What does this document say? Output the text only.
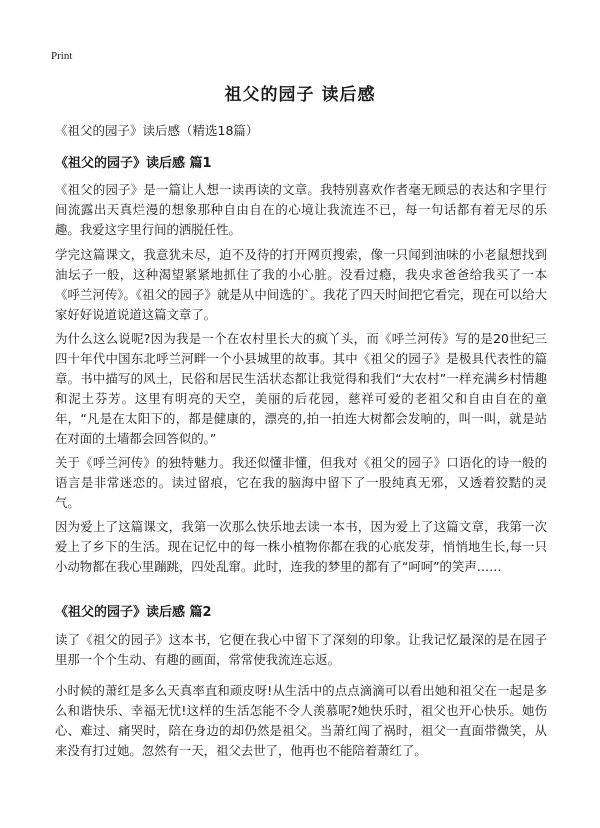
Print
祖父的园子 读后感

《祖父的园子》读后感（精选18篇）

《祖父的园子》读后感 篇1

《祖父的园子》是一篇让人想一读再读的文章。我特别喜欢作者毫无顾忌的表达和字里行间流露出天真烂漫的想象那种自由自在的心境让我流连不已，每一句话都有着无尽的乐趣。我爱这字里行间的洒脱任性。

学完这篇课文，我意犹未尽，迫不及待的打开网页搜索，像一只闻到油味的小老鼠想找到油坛子一般，这种渴望紧紧地抓住了我的小心脏。没看过瘾，我央求爸爸给我买了一本《呼兰河传》。《祖父的园子》就是从中间选的`。我花了四天时间把它看完，现在可以给大家好好说道说道这篇文章了。

为什么这么说呢?因为我是一个在农村里长大的疯丫头，而《呼兰河传》写的是20世纪三四十年代中国东北呼兰河畔一个小县城里的故事。其中《祖父的园子》是极具代表性的篇章。书中描写的风土，民俗和居民生活状态都让我觉得和我们“大农村”一样充满乡村情趣和泥土芬芳。这里有明亮的天空，美丽的后花园，慈祥可爱的老祖父和自由自在的童年，“凡是在太阳下的，都是健康的，漂亮的,拍一拍连大树都会发响的，叫一叫，就是站在对面的土墙都会回答似的。”

关于《呼兰河传》的独特魅力。我还似懂非懂，但我对《祖父的园子》口语化的诗一般的语言是非常迷恋的。读过留痕，它在我的脑海中留下了一股纯真无邪，又透着狡黠的灵气。

因为爱上了这篇课文，我第一次那么快乐地去读一本书，因为爱上了这篇文章，我第一次爱上了乡下的生活。现在记忆中的每一株小植物你都在我的心底发芽，悄悄地生长,每一只小动物都在我心里蹦跳，四处乱窜。此时，连我的梦里的都有了“呵呵”的笑声……

《祖父的园子》读后感 篇2

读了《祖父的园子》这本书，它便在我心中留下了深刻的印象。让我记忆最深的是在园子里那一个个生动、有趣的画面，常常使我流连忘返。

小时候的萧红是多么天真率直和顽皮呀!从生活中的点点滴滴可以看出她和祖父在一起是多么和谐快乐、幸福无忧!这样的生活怎能不令人羡慕呢?她快乐时，祖父也开心快乐。她伤心、难过、痛哭时，陪在身边的却仍然是祖父。当萧红闯了祸时，祖父一直面带微笑，从来没有打过她。忽然有一天，祖父去世了，他再也不能陪着萧红了。
